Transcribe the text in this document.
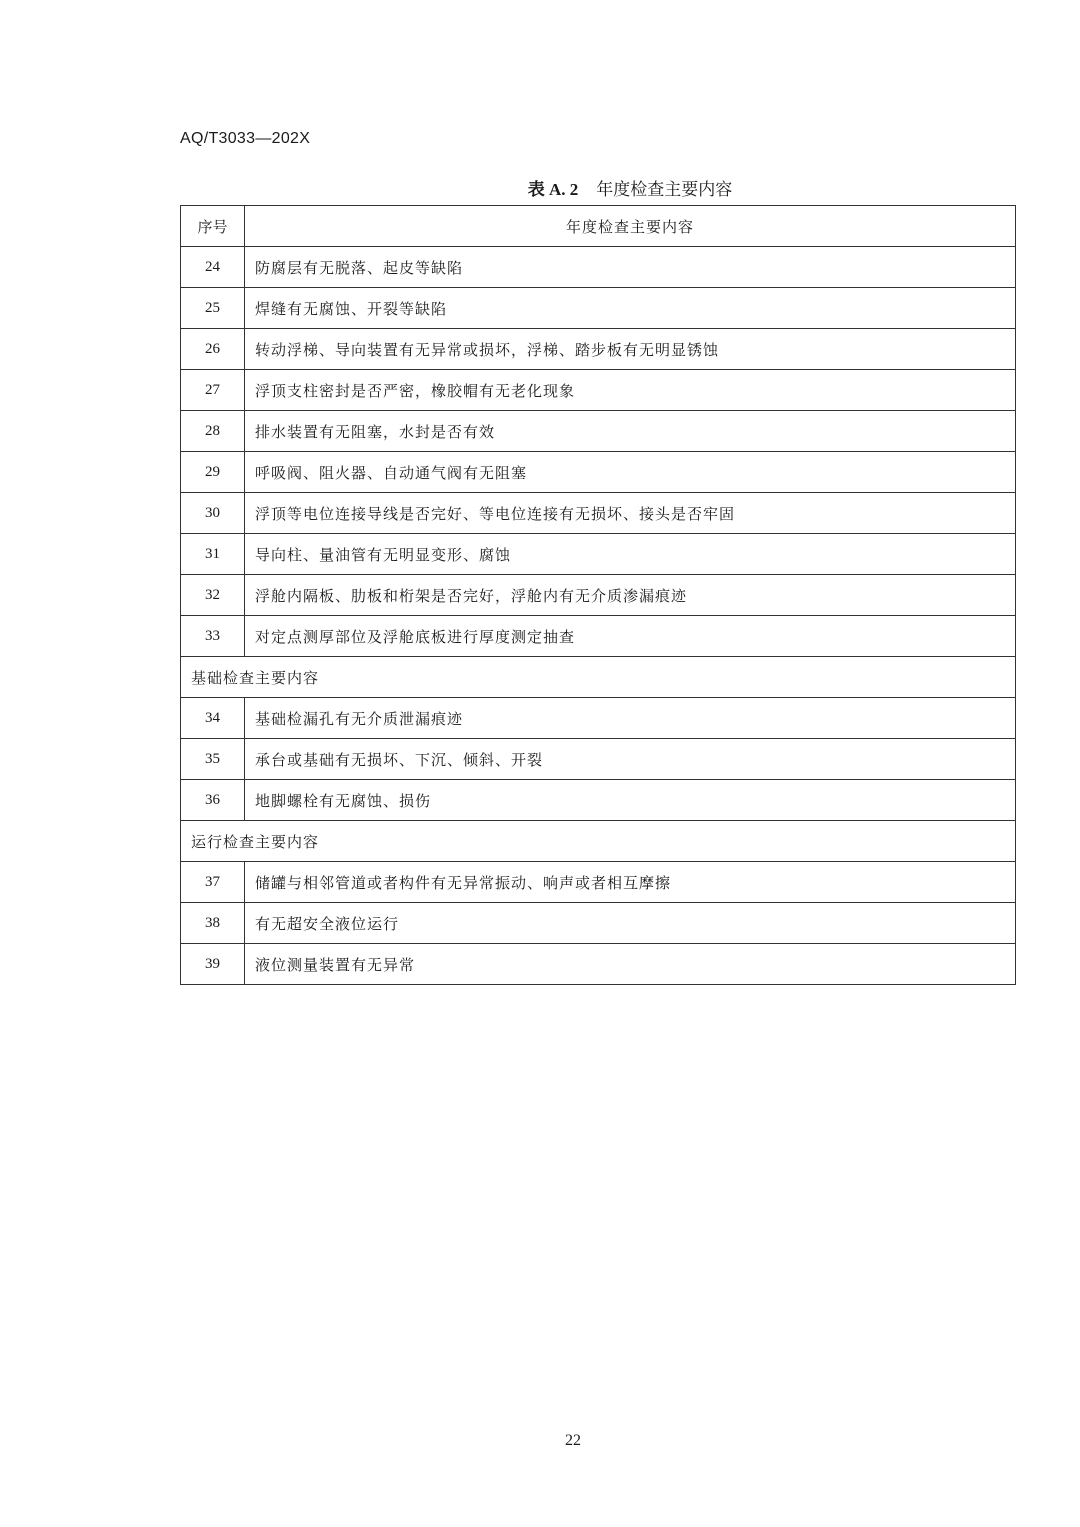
AQ/T3033—202X
表 A. 2 年度检查主要内容
序号	年度检查主要内容
24	防腐层有无脱落、起皮等缺陷
25	焊缝有无腐蚀、开裂等缺陷
26	转动浮梯、导向装置有无异常或损坏，浮梯、踏步板有无明显锈蚀
27	浮顶支柱密封是否严密，橡胶帽有无老化现象
28	排水装置有无阻塞，水封是否有效
29	呼吸阀、阻火器、自动通气阀有无阻塞
30	浮顶等电位连接导线是否完好、等电位连接有无损坏、接头是否牢固
31	导向柱、量油管有无明显变形、腐蚀
32	浮舱内隔板、肋板和桁架是否完好，浮舱内有无介质渗漏痕迹
33	对定点测厚部位及浮舱底板进行厚度测定抽查
基础检查主要内容	
34	基础检漏孔有无介质泄漏痕迹
35	承台或基础有无损坏、下沉、倾斜、开裂
36	地脚螺栓有无腐蚀、损伤
运行检查主要内容	
37	储罐与相邻管道或者构件有无异常振动、响声或者相互摩擦
38	有无超安全液位运行
39	液位测量装置有无异常
22
